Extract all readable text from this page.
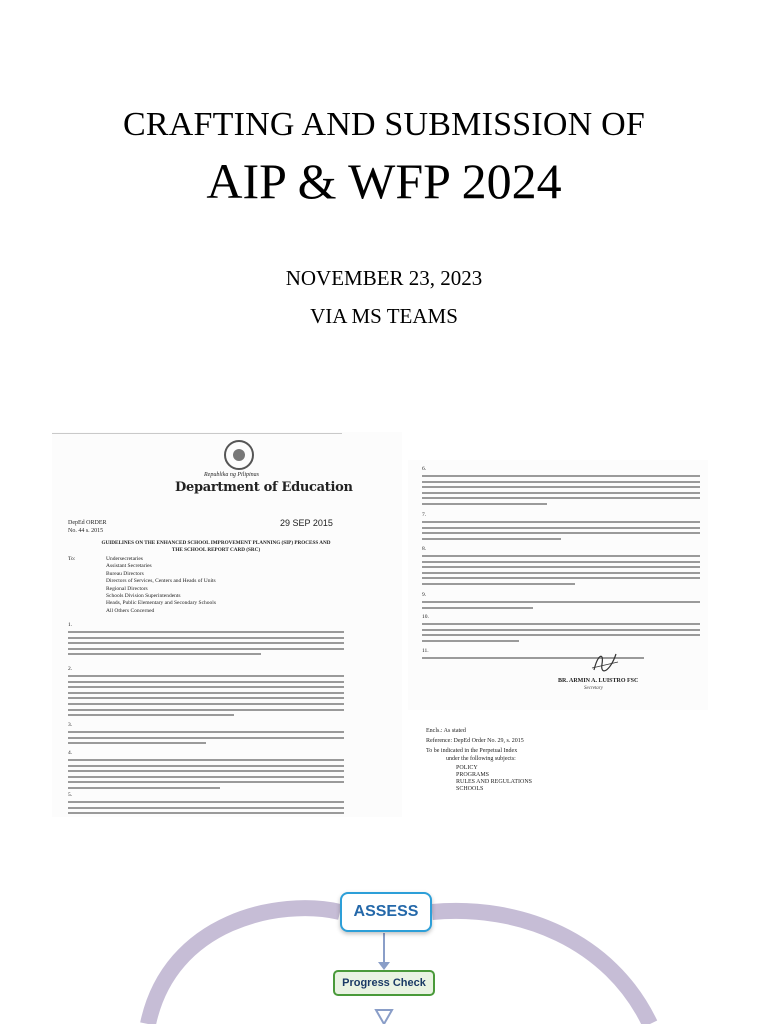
CRAFTING AND SUBMISSION OF
AIP & WFP 2024
NOVEMBER 23, 2023
VIA MS TEAMS
Republika ng Pilipinas
Department of Education
DepEd ORDER
No. 44 s. 2015
29 SEP 2015
GUIDELINES ON THE ENHANCED SCHOOL IMPROVEMENT PLANNING (SIP) PROCESS AND THE SCHOOL REPORT CARD (SRC)
To:	Undersecretaries
Assistant Secretaries
Bureau Directors
Directors of Services, Centers and Heads of Units
Regional Directors
Schools Division Superintendents
Heads, Public Elementary and Secondary Schools
All Others Concerned
1.
2.
3.
4.
5.
6.
7.
8.
9.
10.
11.
BR. ARMIN A. LUISTRO FSC
Secretary
Encls.: As stated
Reference: DepEd Order No. 29, s. 2015
To be indicated in the Perpetual Index
under the following subjects:
POLICY
PROGRAMS
RULES AND REGULATIONS
SCHOOLS
ASSESS
Progress Check
